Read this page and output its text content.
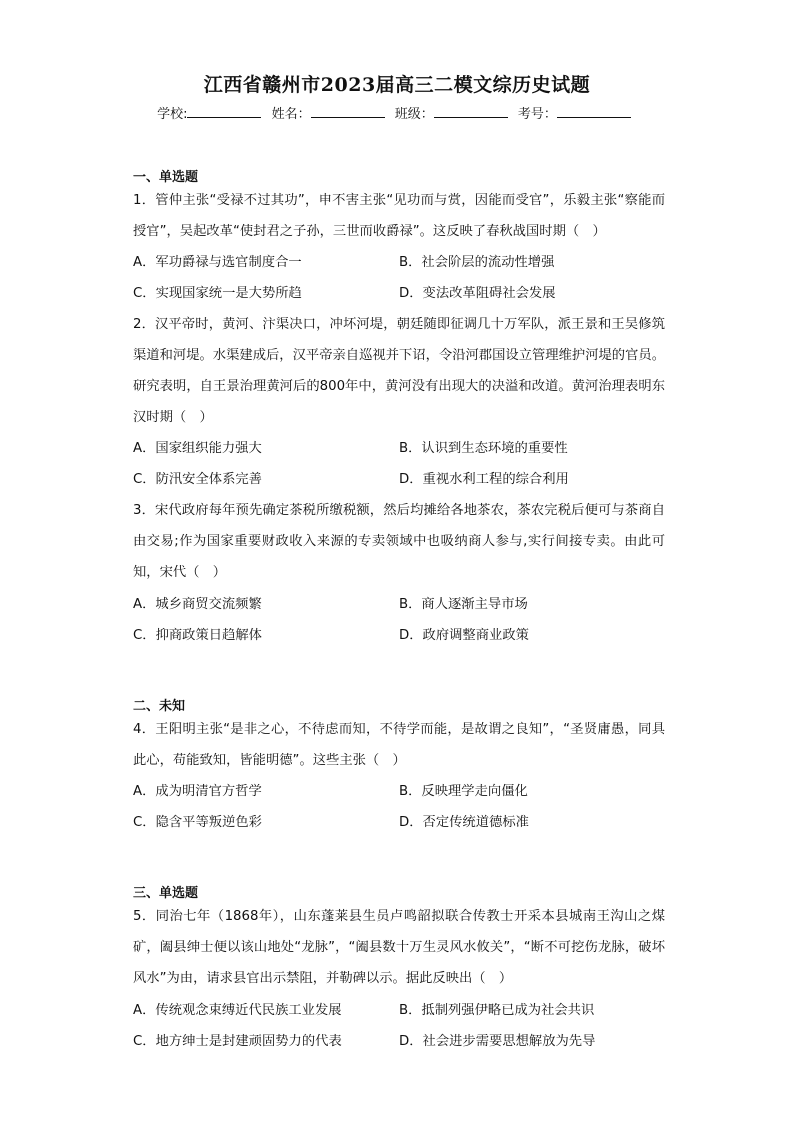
江西省赣州市2023届高三二模文综历史试题
学校:	姓名：	班级：	考号：
一、单选题
1．管仲主张“受禄不过其功”，申不害主张“见功而与赏，因能而受官”，乐毅主张“察能而授官”，吴起改革“使封君之子孙，三世而收爵禄”。这反映了春秋战国时期（　）
A．军功爵禄与选官制度合一	B．社会阶层的流动性增强
C．实现国家统一是大势所趋	D．变法改革阻碍社会发展
2．汉平帝时，黄河、汴渠决口，冲坏河堤，朝廷随即征调几十万军队，派王景和王吴修筑渠道和河堤。水渠建成后，汉平帝亲自巡视并下诏，令沿河郡国设立管理维护河堤的官员。研究表明，自王景治理黄河后的800年中，黄河没有出现大的决溢和改道。黄河治理表明东汉时期（　）
A．国家组织能力强大	B．认识到生态环境的重要性
C．防汛安全体系完善	D．重视水利工程的综合利用
3．宋代政府每年预先确定茶税所缴税额，然后均摊给各地茶农，茶农完税后便可与茶商自由交易;作为国家重要财政收入来源的专卖领域中也吸纳商人参与,实行间接专卖。由此可知，宋代（　）
A．城乡商贸交流频繁	B．商人逐渐主导市场
C．抑商政策日趋解体	D．政府调整商业政策
二、未知
4．王阳明主张“是非之心，不待虑而知，不待学而能，是故谓之良知”，“圣贤庸愚，同具此心，苟能致知，皆能明德”。这些主张（　）
A．成为明清官方哲学	B．反映理学走向僵化
C．隐含平等叛逆色彩	D．否定传统道德标准
三、单选题
5．同治七年（1868年），山东蓬莱县生员卢鸣韶拟联合传教士开采本县城南王沟山之煤矿，阖县绅士便以该山地处“龙脉”，“阖县数十万生灵风水攸关”，“断不可挖伤龙脉，破坏风水”为由，请求县官出示禁阻，并勒碑以示。据此反映出（　）
A．传统观念束缚近代民族工业发展	B．抵制列强伊略已成为社会共识
C．地方绅士是封建顽固势力的代表	D．社会进步需要思想解放为先导
